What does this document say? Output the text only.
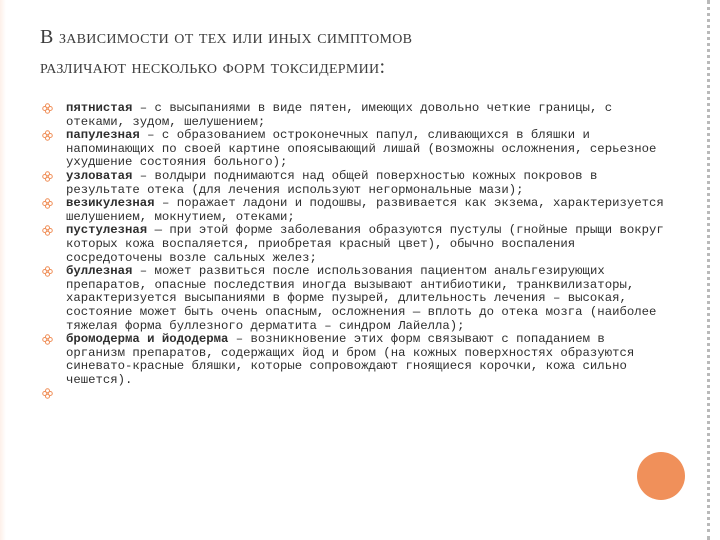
В зависимости от тех или иных симптомов
различают несколько форм токсидермии:
пятнистая – с высыпаниями в виде пятен, имеющих довольно четкие границы, с отеками, зудом, шелушением;
папулезная – с образованием остроконечных папул, сливающихся в бляшки и напоминающих по своей картине опоясывающий лишай (возможны осложнения, серьезное ухудшение состояния больного);
узловатая – волдыри поднимаются над общей поверхностью кожных покровов в результате отека (для лечения используют негормональные мази);
везикулезная – поражает ладони и подошвы, развивается как экзема, характеризуется шелушением, мокнутием, отеками;
пустулезная — при этой форме заболевания образуются пустулы (гнойные прыщи вокруг которых кожа воспаляется, приобретая красный цвет), обычно воспаления сосредоточены возле сальных желез;
буллезная – может развиться после использования пациентом анальгезирующих препаратов, опасные последствия иногда вызывают антибиотики, транквилизаторы, характеризуется высыпаниями в форме пузырей, длительность лечения – высокая, состояние может быть очень опасным, осложнения — вплоть до отека мозга (наиболее тяжелая форма буллезного дерматита – синдром Лайелла);
бромодерма и йододерма – возникновение этих форм связывают с попаданием в организм препаратов, содержащих йод и бром (на кожных поверхностях образуются синевато-красные бляшки, которые сопровождают гноящиеся корочки, кожа сильно чешется).
